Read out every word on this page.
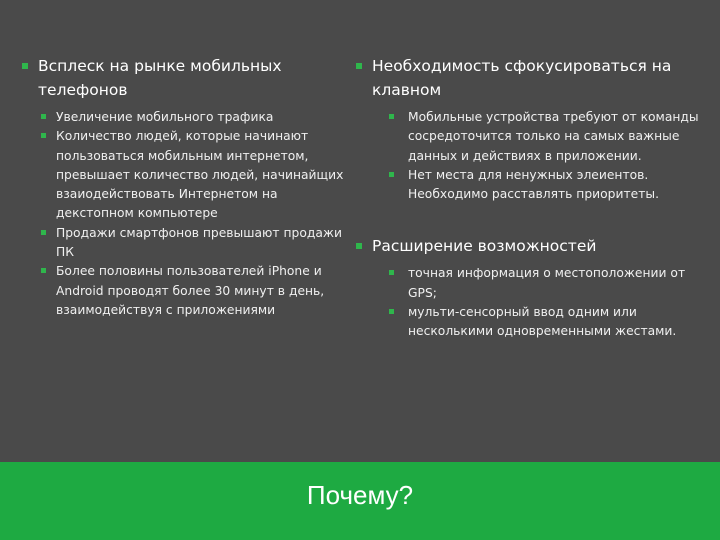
Всплеск на рынке мобильных телефонов
Увеличение мобильного трафика
Количество людей, которые начинают пользоваться мобильным интернетом, превышает количество людей, начинайщих взаиодействовать Интернетом на декстопном компьютере
Продажи смартфонов превышают продажи ПК
Более половины пользователей iPhone и Android проводят более 30 минут в день, взаимодействуя с приложениями
Необходимость сфокусироваться на клавном
Мобильные устройства требуют от команды сосредоточится только на самых важные данных и действиях в приложении.
Нет места для ненужных элеиентов. Необходимо расставлять приоритеты.
Расширение возможностей
точная информация о местоположении от GPS;
мульти-сенсорный ввод одним или несколькими одновременными жестами.
Почему?
